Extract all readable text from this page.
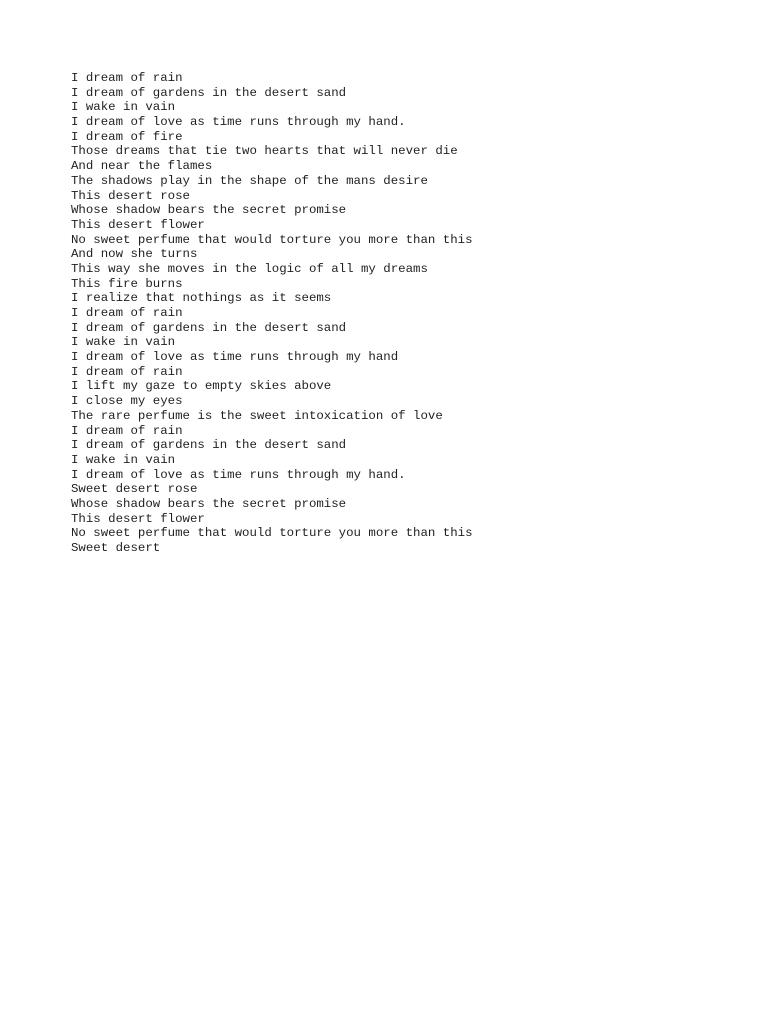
I dream of rain
I dream of gardens in the desert sand
I wake in vain
I dream of love as time runs through my hand.
I dream of fire
Those dreams that tie two hearts that will never die
And near the flames
The shadows play in the shape of the mans desire
This desert rose
Whose shadow bears the secret promise
This desert flower
No sweet perfume that would torture you more than this
And now she turns
This way she moves in the logic of all my dreams
This fire burns
I realize that nothings as it seems
I dream of rain
I dream of gardens in the desert sand
I wake in vain
I dream of love as time runs through my hand
I dream of rain
I lift my gaze to empty skies above
I close my eyes
The rare perfume is the sweet intoxication of love
I dream of rain
I dream of gardens in the desert sand
I wake in vain
I dream of love as time runs through my hand.
Sweet desert rose
Whose shadow bears the secret promise
This desert flower
No sweet perfume that would torture you more than this
Sweet desert
